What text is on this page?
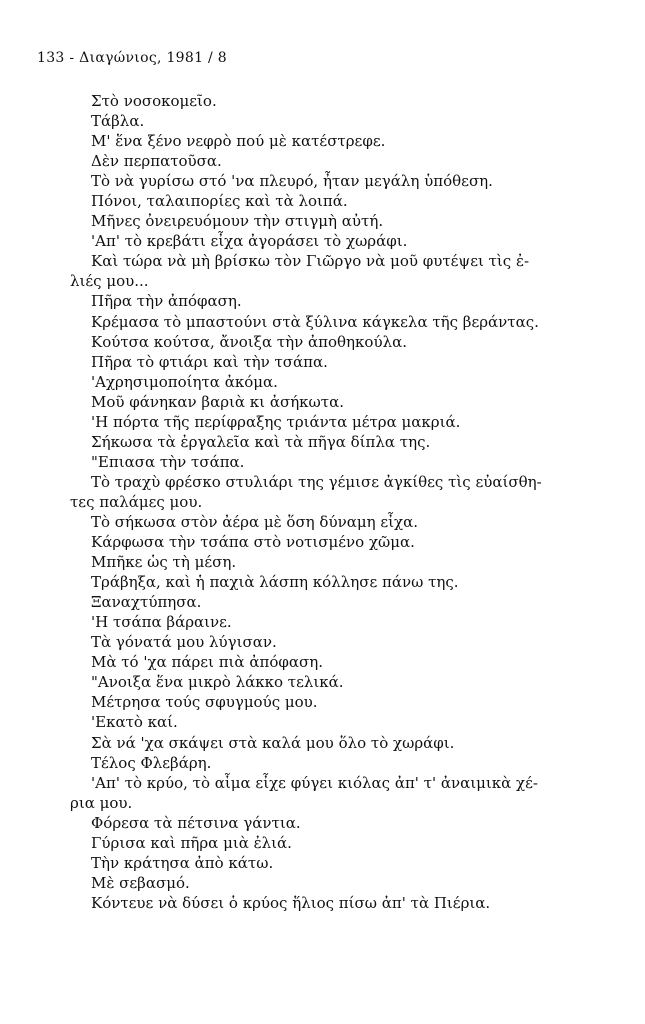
133 - Διαγώνιος, 1981 / 8
Στὸ νοσοκομεῖο.
Τάβλα.
Μ' ἕνα ξένο νεφρὸ πού μὲ κατέστρεφε.
Δὲν περπατοῦσα.
Τὸ νὰ γυρίσω στό 'να πλευρό, ἦταν μεγάλη ὑπόθεση.
Πόνοι, ταλαιπορίες καὶ τὰ λοιπά.
Μῆνες ὀνειρευόμουν τὴν στιγμὴ αὐτή.
'Απ' τὸ κρεβάτι εἶχα ἀγοράσει τὸ χωράφι.
Καὶ τώρα νὰ μὴ βρίσκω τὸν Γιῶργο νὰ μοῦ φυτέψει τὶς ἐ-
λιές μου...
Πῆρα τὴν ἀπόφαση.
Κρέμασα τὸ μπαστούνι στὰ ξύλινα κάγκελα τῆς βεράντας.
Κούτσα κούτσα, ἄνοιξα τὴν ἀποθηκούλα.
Πῆρα τὸ φτιάρι καὶ τὴν τσάπα.
'Αχρησιμοποίητα ἀκόμα.
Μοῦ φάνηκαν βαριὰ κι ἀσήκωτα.
'Η πόρτα τῆς περίφραξης τριάντα μέτρα μακριά.
Σήκωσα τὰ ἐργαλεῖα καὶ τὰ πῆγα δίπλα της.
"Επιασα τὴν τσάπα.
Τὸ τραχὺ φρέσκο στυλιάρι της γέμισε ἀγκίθες τὶς εὐαίσθη-
τες παλάμες μου.
Τὸ σήκωσα στὸν ἀέρα μὲ ὅση δύναμη εἶχα.
Κάρφωσα τὴν τσάπα στὸ νοτισμένο χῶμα.
Μπῆκε ὡς τὴ μέση.
Τράβηξα, καὶ ἡ παχιὰ λάσπη κόλλησε πάνω της.
Ξαναχτύπησα.
'Η τσάπα βάραινε.
Τὰ γόνατά μου λύγισαν.
Μὰ τό 'χα πάρει πιὰ ἀπόφαση.
"Ανοιξα ἕνα μικρὸ λάκκο τελικά.
Μέτρησα τούς σφυγμούς μου.
'Εκατὸ καί.
Σὰ νά 'χα σκάψει στὰ καλά μου ὅλο τὸ χωράφι.
Τέλος Φλεβάρη.
'Απ' τὸ κρύο, τὸ αἷμα εἶχε φύγει κιόλας ἀπ' τ' ἀναιμικὰ χέ-
ρια μου.
Φόρεσα τὰ πέτσινα γάντια.
Γύρισα καὶ πῆρα μιὰ ἐλιά.
Τὴν κράτησα ἀπὸ κάτω.
Μὲ σεβασμό.
Κόντευε νὰ δύσει ὁ κρύος ἥλιος πίσω ἀπ' τὰ Πιέρια.
